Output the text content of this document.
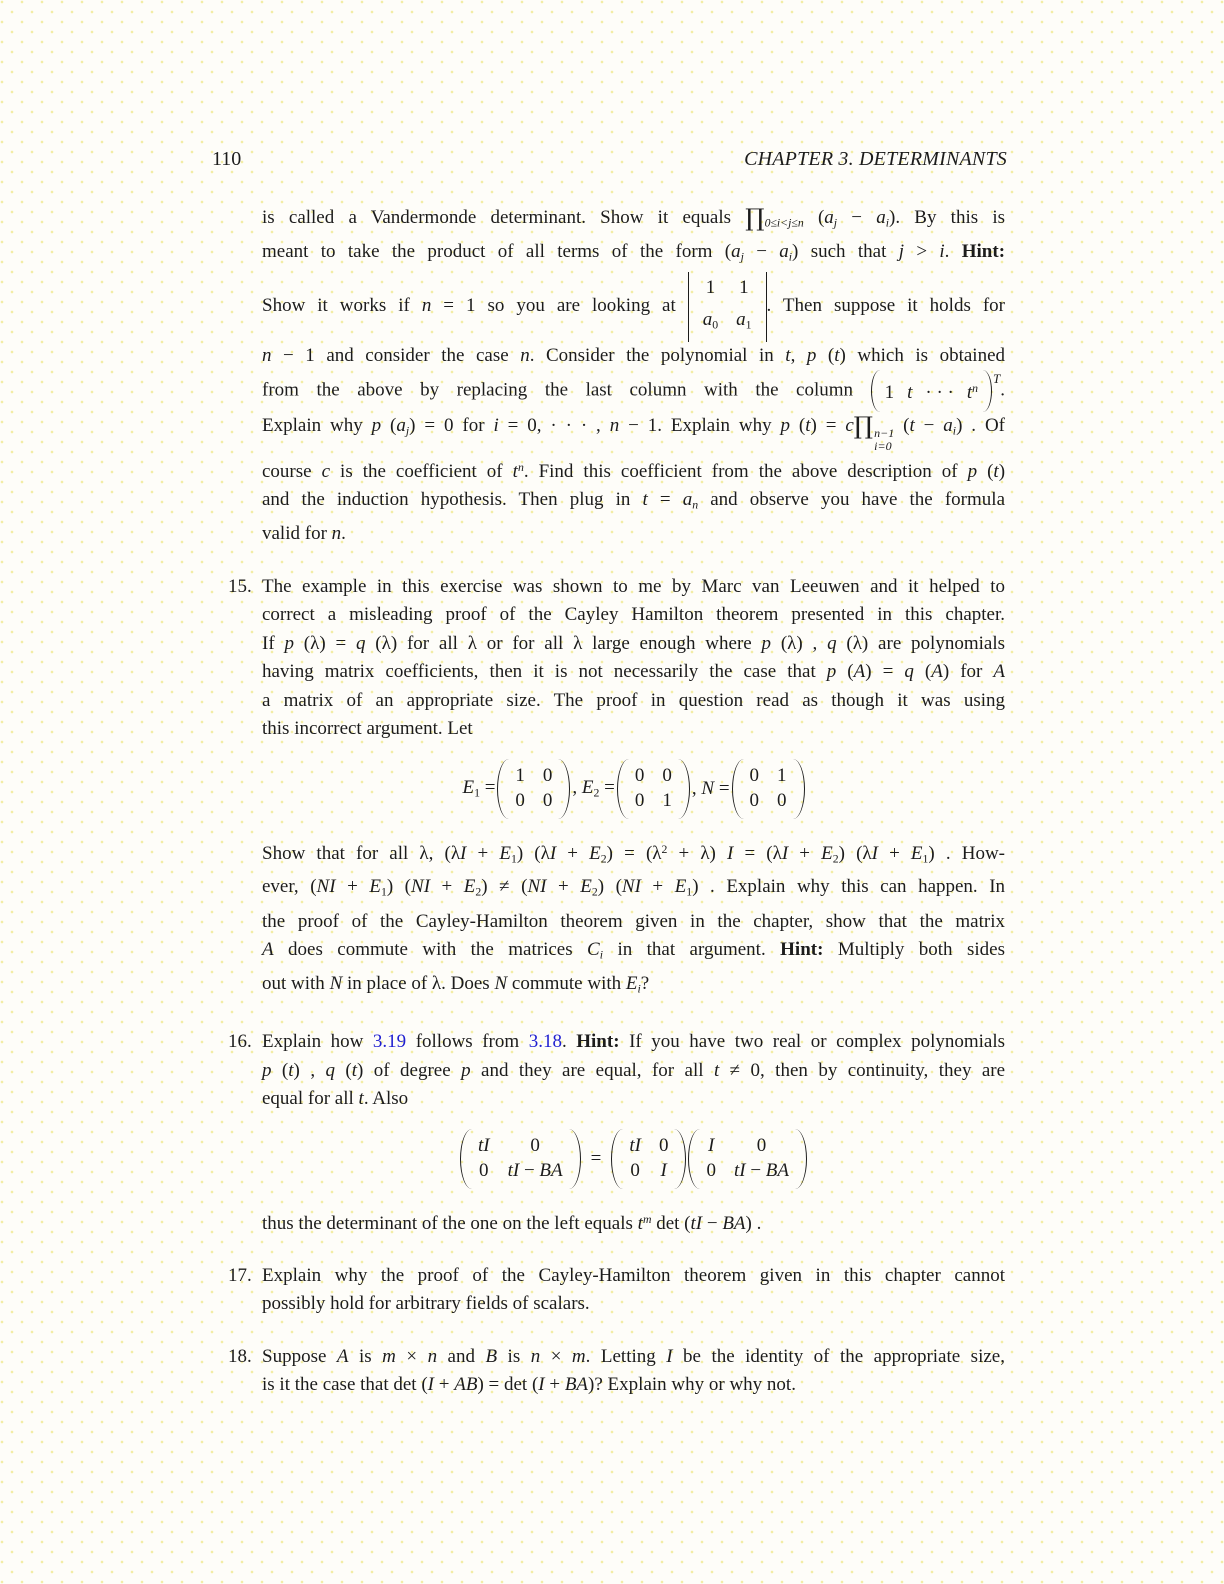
110	CHAPTER 3. DETERMINANTS
is called a Vandermonde determinant. Show it equals $\prod_{0\le i<j\le n}$ $(a_j - a_i)$. By this is
meant to take the product of all terms of the form $(a_j - a_i)$ such that j > i. Hint:
Show it works if n = 1 so you are looking at
1 1
$a_0$ $a_1$
. Then suppose it holds for
n − 1 and consider the case n. Consider the polynomial in t, p (t) which is obtained
from the above by replacing the last column with the column 1 t · · · $t^n$
T
.
Explain why p $(a_j) = 0$ for i = 0, · · · , n − 1. Explain why p (t) = c∏ n−1
i=0
$(t - a_i)$ . Of
course c is the coefficient of $t^n$. Find this coefficient from the above description of p (t)
and the induction hypothesis. Then plug in $t = a_n$ and observe you have the formula
valid for n.
15. The example in this exercise was shown to me by Marc van Leeuwen and it helped to
correct a misleading proof of the Cayley Hamilton theorem presented in this chapter.
If p (λ) = q (λ) for all λ or for all λ large enough where p (λ) , q (λ) are polynomials
having matrix coefficients, then it is not necessarily the case that p (A) = q (A) for A
a matrix of an appropriate size. The proof in question read as though it was using
this incorrect argument. Let
$E_1$ =
1 0
0 0
, $E_2$ =
0 0
0 1
, N =
0 1
0 0
Show that for all λ, $(\lambda I + E_1)$ $(\lambda I + E_2) = (\lambda^2 + \lambda)$ $I = (\lambda I + E_2)$ $(\lambda I + E_1)$ . How-
ever, $(NI + E_1)$ $(NI + E_2) \ne (NI + E_2)$ $(NI + E_1)$ . Explain why this can happen. In
the proof of the Cayley-Hamilton theorem given in the chapter, show that the matrix
A does commute with the matrices $C_i$ in that argument. Hint: Multiply both sides
out with N in place of λ. Does N commute with $E_i$?
16. Explain how 3.19 follows from 3.18. Hint: If you have two real or complex polynomials
p (t) , q (t) of degree p and they are equal, for all t ≠ 0, then by continuity, they are
equal for all t. Also
tI 0
0 tI − BA
=
tI 0
0 I
I 0
0 tI − BA
thus the determinant of the one on the left equals $t^m$ det (tI − BA) .
17. Explain why the proof of the Cayley-Hamilton theorem given in this chapter cannot
possibly hold for arbitrary fields of scalars.
18. Suppose A is m × n and B is n × m. Letting I be the identity of the appropriate size,
is it the case that det (I + AB) = det (I + BA)? Explain why or why not.
